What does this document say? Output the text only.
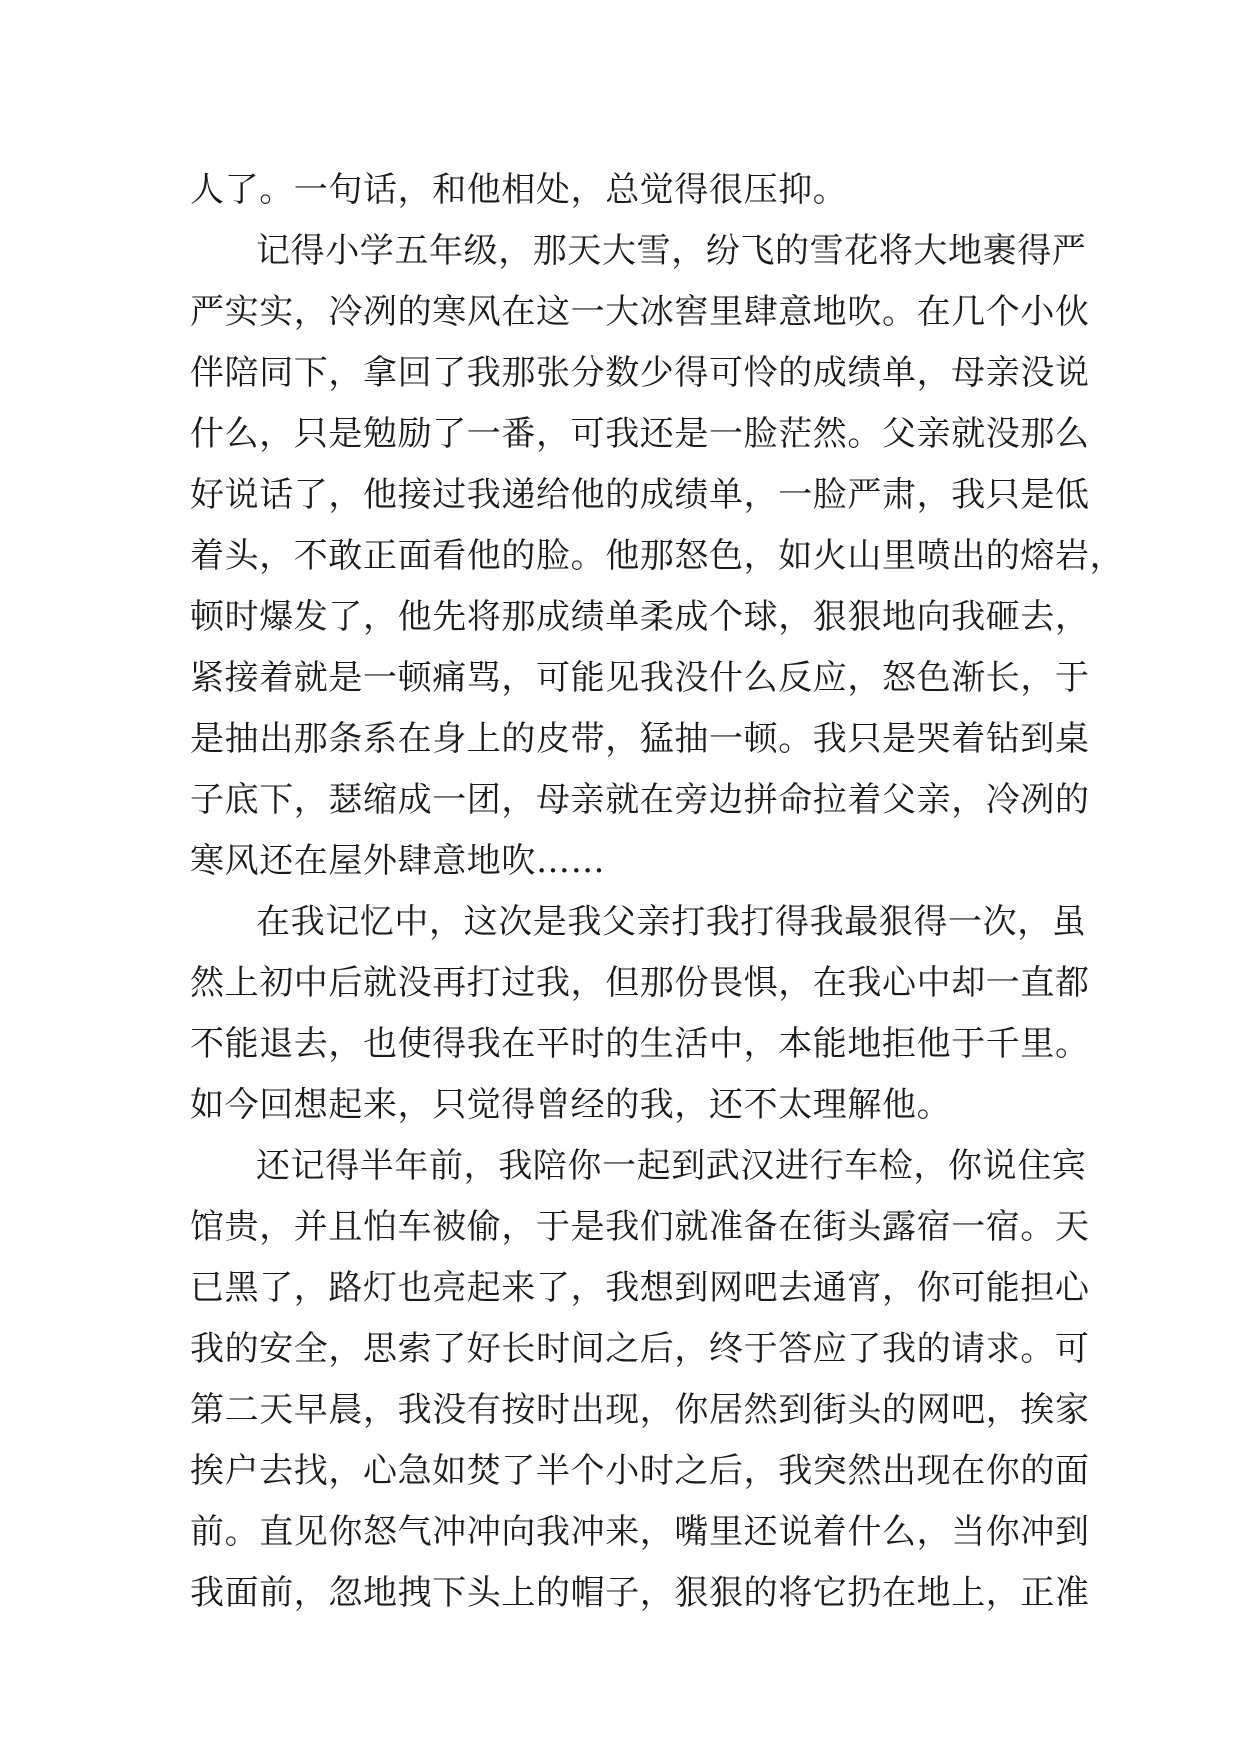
人了。一句话，和他相处，总觉得很压抑。
记得小学五年级，那天大雪，纷飞的雪花将大地裹得严
严实实，冷冽的寒风在这一大冰窖里肆意地吹。在几个小伙
伴陪同下，拿回了我那张分数少得可怜的成绩单，母亲没说
什么，只是勉励了一番，可我还是一脸茫然。父亲就没那么
好说话了，他接过我递给他的成绩单，一脸严肃，我只是低
着头，不敢正面看他的脸。他那怒色，如火山里喷出的熔岩，
顿时爆发了，他先将那成绩单柔成个球，狠狠地向我砸去，
紧接着就是一顿痛骂，可能见我没什么反应，怒色渐长，于
是抽出那条系在身上的皮带，猛抽一顿。我只是哭着钻到桌
子底下，瑟缩成一团，母亲就在旁边拼命拉着父亲，冷冽的
寒风还在屋外肆意地吹……
在我记忆中，这次是我父亲打我打得我最狠得一次，虽
然上初中后就没再打过我，但那份畏惧，在我心中却一直都
不能退去，也使得我在平时的生活中，本能地拒他于千里。
如今回想起来，只觉得曾经的我，还不太理解他。
还记得半年前，我陪你一起到武汉进行车检，你说住宾
馆贵，并且怕车被偷，于是我们就准备在街头露宿一宿。天
已黑了，路灯也亮起来了，我想到网吧去通宵，你可能担心
我的安全，思索了好长时间之后，终于答应了我的请求。可
第二天早晨，我没有按时出现，你居然到街头的网吧，挨家
挨户去找，心急如焚了半个小时之后，我突然出现在你的面
前。直见你怒气冲冲向我冲来，嘴里还说着什么，当你冲到
我面前，忽地拽下头上的帽子，狠狠的将它扔在地上，正准
